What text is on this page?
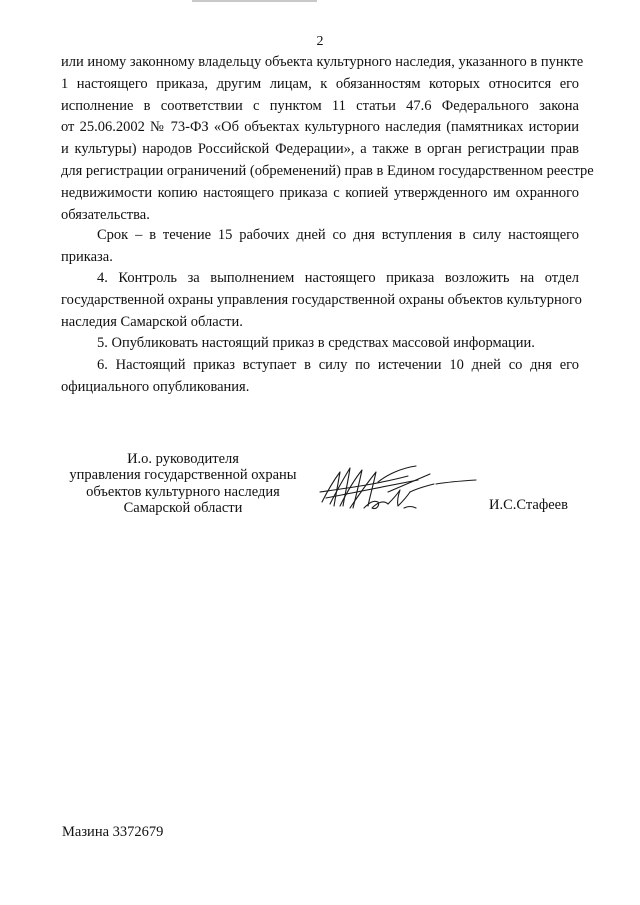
2

или иному законному владельцу объекта культурного наследия, указанного в пункте
1 настоящего приказа, другим лицам, к обязанностям которых относится его
исполнение в соответствии с пунктом 11 статьи 47.6 Федерального закона
от 25.06.2002 № 73-ФЗ «Об объектах культурного наследия (памятниках истории
и культуры) народов Российской Федерации», а также в орган регистрации прав
для регистрации ограничений (обременений) прав в Едином государственном реестре
недвижимости копию настоящего приказа с копией утвержденного им охранного
обязательства.

Срок – в течение 15 рабочих дней со дня вступления в силу настоящего
приказа.

4. Контроль за выполнением настоящего приказа возложить на отдел
государственной охраны управления государственной охраны объектов культурного
наследия Самарской области.

5. Опубликовать настоящий приказ в средствах массовой информации.

6. Настоящий приказ вступает в силу по истечении 10 дней со дня его
официального опубликования.

И.о. руководителя
управления государственной охраны
объектов культурного наследия
Самарской области	И.С.Стафеев
Мазина 3372679
